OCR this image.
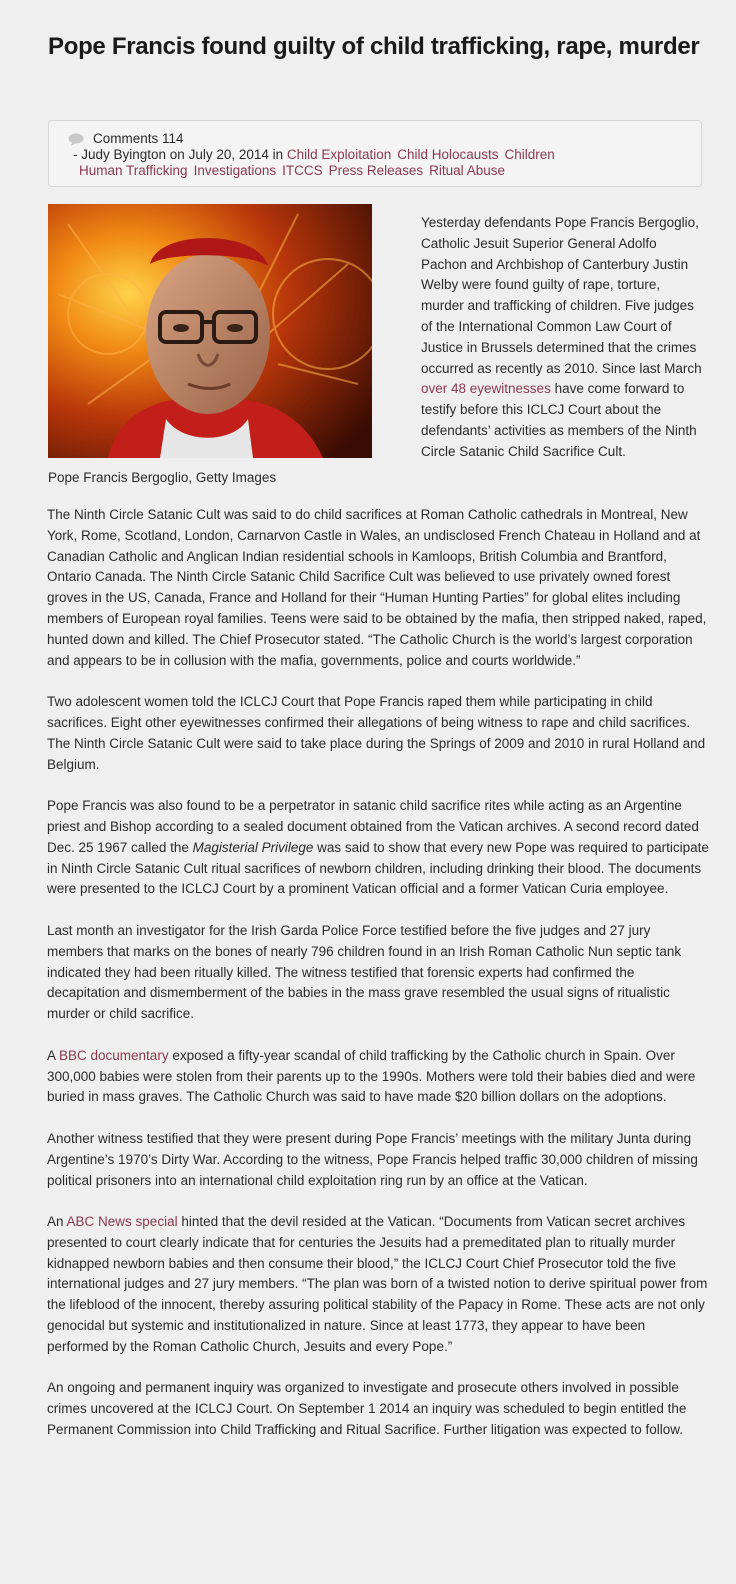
Pope Francis found guilty of child trafficking, rape, murder
Comments 114
- Judy Byington on July 20, 2014 in Child Exploitation Child Holocausts Children
Human Trafficking Investigations ITCCS Press Releases Ritual Abuse
Pope Francis Bergoglio, Getty Images

Yesterday defendants Pope Francis Bergoglio, Catholic Jesuit Superior General Adolfo Pachon and Archbishop of Canterbury Justin Welby were found guilty of rape, torture, murder and trafficking of children. Five judges of the International Common Law Court of Justice in Brussels determined that the crimes occurred as recently as 2010. Since last March over 48 eyewitnesses have come forward to testify before this ICLCJ Court about the defendants’ activities as members of the Ninth Circle Satanic Child Sacrifice Cult.

The Ninth Circle Satanic Cult was said to do child sacrifices at Roman Catholic cathedrals in Montreal, New York, Rome, Scotland, London, Carnarvon Castle in Wales, an undisclosed French Chateau in Holland and at Canadian Catholic and Anglican Indian residential schools in Kamloops, British Columbia and Brantford, Ontario Canada. The Ninth Circle Satanic Child Sacrifice Cult was believed to use privately owned forest groves in the US, Canada, France and Holland for their “Human Hunting Parties” for global elites including members of European royal families. Teens were said to be obtained by the mafia, then stripped naked, raped, hunted down and killed. The Chief Prosecutor stated. “The Catholic Church is the world’s largest corporation and appears to be in collusion with the mafia, governments, police and courts worldwide.”

Two adolescent women told the ICLCJ Court that Pope Francis raped them while participating in child sacrifices. Eight other eyewitnesses confirmed their allegations of being witness to rape and child sacrifices. The Ninth Circle Satanic Cult were said to take place during the Springs of 2009 and 2010 in rural Holland and Belgium.

Pope Francis was also found to be a perpetrator in satanic child sacrifice rites while acting as an Argentine priest and Bishop according to a sealed document obtained from the Vatican archives. A second record dated Dec. 25 1967 called the Magisterial Privilege was said to show that every new Pope was required to participate in Ninth Circle Satanic Cult ritual sacrifices of newborn children, including drinking their blood. The documents were presented to the ICLCJ Court by a prominent Vatican official and a former Vatican Curia employee.

Last month an investigator for the Irish Garda Police Force testified before the five judges and 27 jury members that marks on the bones of nearly 796 children found in an Irish Roman Catholic Nun septic tank indicated they had been ritually killed. The witness testified that forensic experts had confirmed the decapitation and dismemberment of the babies in the mass grave resembled the usual signs of ritualistic murder or child sacrifice.

A BBC documentary exposed a fifty-year scandal of child trafficking by the Catholic church in Spain. Over 300,000 babies were stolen from their parents up to the 1990s. Mothers were told their babies died and were buried in mass graves. The Catholic Church was said to have made $20 billion dollars on the adoptions.

Another witness testified that they were present during Pope Francis’ meetings with the military Junta during Argentine’s 1970’s Dirty War. According to the witness, Pope Francis helped traffic 30,000 children of missing political prisoners into an international child exploitation ring run by an office at the Vatican.

An ABC News special hinted that the devil resided at the Vatican. “Documents from Vatican secret archives presented to court clearly indicate that for centuries the Jesuits had a premeditated plan to ritually murder kidnapped newborn babies and then consume their blood,” the ICLCJ Court Chief Prosecutor told the five international judges and 27 jury members. “The plan was born of a twisted notion to derive spiritual power from the lifeblood of the innocent, thereby assuring political stability of the Papacy in Rome. These acts are not only genocidal but systemic and institutionalized in nature. Since at least 1773, they appear to have been performed by the Roman Catholic Church, Jesuits and every Pope.”

An ongoing and permanent inquiry was organized to investigate and prosecute others involved in possible crimes uncovered at the ICLCJ Court. On September 1 2014 an inquiry was scheduled to begin entitled the Permanent Commission into Child Trafficking and Ritual Sacrifice. Further litigation was expected to follow.
